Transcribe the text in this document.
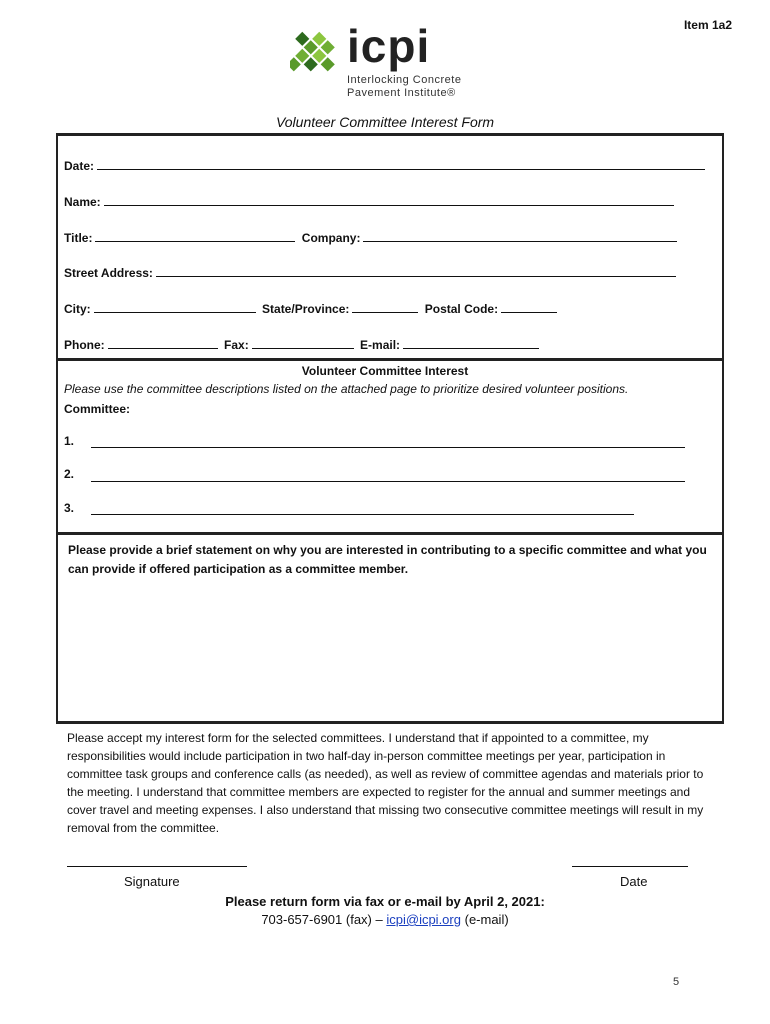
Item 1a2
icpi
Interlocking Concrete
Pavement Institute®
Volunteer Committee Interest Form
Date:
Name:
Title:	Company:
Street Address:
City:	State/Province:	Postal Code:
Phone:	Fax:	E-mail:
Volunteer Committee Interest
Please use the committee descriptions listed on the attached page to prioritize desired volunteer positions.
Committee:
1.
2.
3.
Please provide a brief statement on why you are interested in contributing to a specific committee and what you can provide if offered participation as a committee member.
Please accept my interest form for the selected committees. I understand that if appointed to a committee, my responsibilities would include participation in two half-day in-person committee meetings per year, participation in committee task groups and conference calls (as needed), as well as review of committee agendas and materials prior to the meeting. I understand that committee members are expected to register for the annual and summer meetings and cover travel and meeting expenses. I also understand that missing two consecutive committee meetings will result in my removal from the committee.
Signature	Date
Please return form via fax or e-mail by April 2, 2021:
703-657-6901 (fax) – icpi@icpi.org (e-mail)
5
